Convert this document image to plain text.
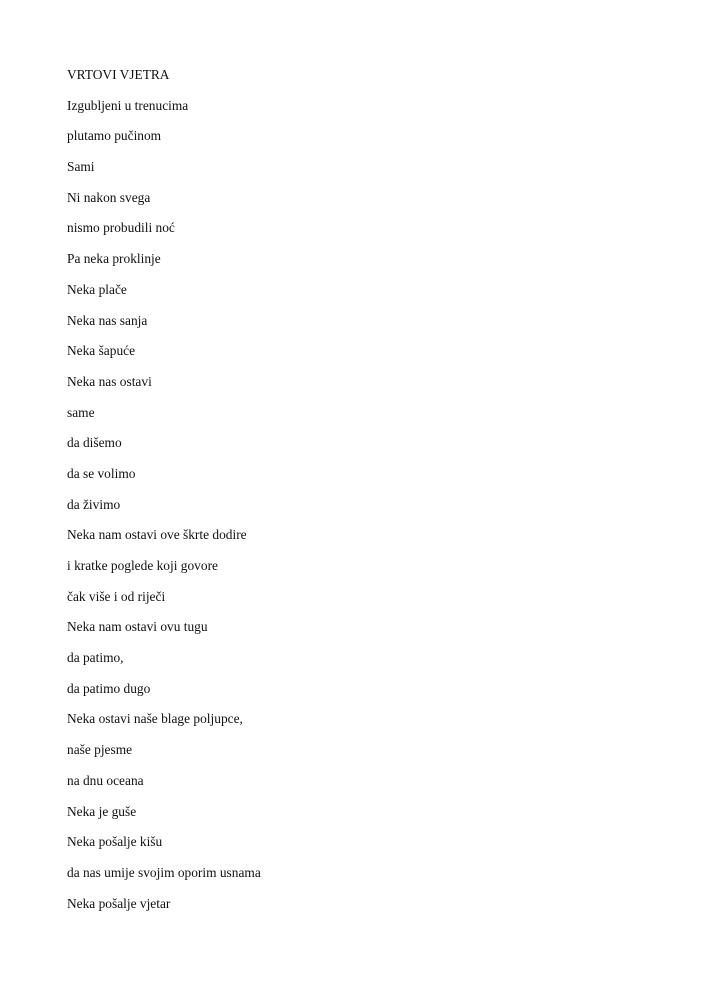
VRTOVI VJETRA
Izgubljeni u trenucima
plutamo pučinom
Sami
Ni nakon svega
nismo probudili noć
Pa neka proklinje
Neka plače
Neka nas sanja
Neka šapuće
Neka nas ostavi
same
da dišemo
da se volimo
da živimo
Neka nam ostavi ove škrte dodire
i kratke poglede koji govore
čak više i od riječi
Neka nam ostavi ovu tugu
da patimo,
da patimo dugo
Neka ostavi naše blage poljupce,
naše pjesme
na dnu oceana
Neka je guše
Neka pošalje kišu
da nas umije svojim oporim usnama
Neka pošalje vjetar
